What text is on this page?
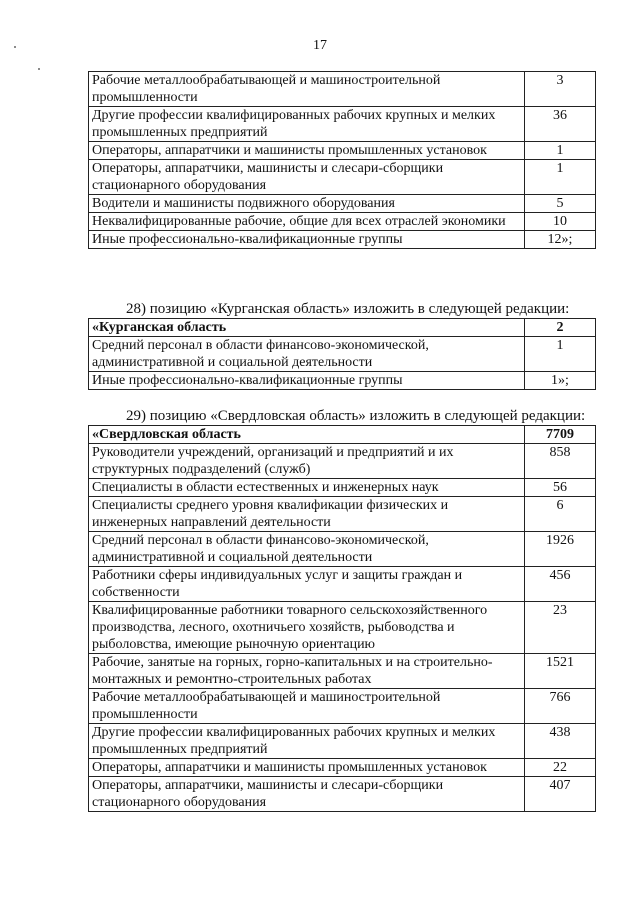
17
Рабочие металлообрабатывающей и машиностроительной промышленности	3
Другие профессии квалифицированных рабочих крупных и мелких промышленных предприятий	36
Операторы, аппаратчики и машинисты промышленных установок	1
Операторы, аппаратчики, машинисты и слесари-сборщики стационарного оборудования	1
Водители и машинисты подвижного оборудования	5
Неквалифицированные рабочие, общие для всех отраслей экономики	10
Иные профессионально-квалификационные группы	12»;
28) позицию «Курганская область» изложить в следующей редакции:
«Курганская область	2
Средний персонал в области финансово-экономической, административной и социальной деятельности	1
Иные профессионально-квалификационные группы	1»;
29) позицию «Свердловская область» изложить в следующей редакции:
«Свердловская область	7709
Руководители учреждений, организаций и предприятий и их структурных подразделений (служб)	858
Специалисты в области естественных и инженерных наук	56
Специалисты среднего уровня квалификации физических и инженерных направлений деятельности	6
Средний персонал в области финансово-экономической, административной и социальной деятельности	1926
Работники сферы индивидуальных услуг и защиты граждан и собственности	456
Квалифицированные работники товарного сельскохозяйственного производства, лесного, охотничьего хозяйств, рыбоводства и рыболовства, имеющие рыночную ориентацию	23
Рабочие, занятые на горных, горно-капитальных и на строительно-монтажных и ремонтно-строительных работах	1521
Рабочие металлообрабатывающей и машиностроительной промышленности	766
Другие профессии квалифицированных рабочих крупных и мелких промышленных предприятий	438
Операторы, аппаратчики и машинисты промышленных установок	22
Операторы, аппаратчики, машинисты и слесари-сборщики стационарного оборудования	407
